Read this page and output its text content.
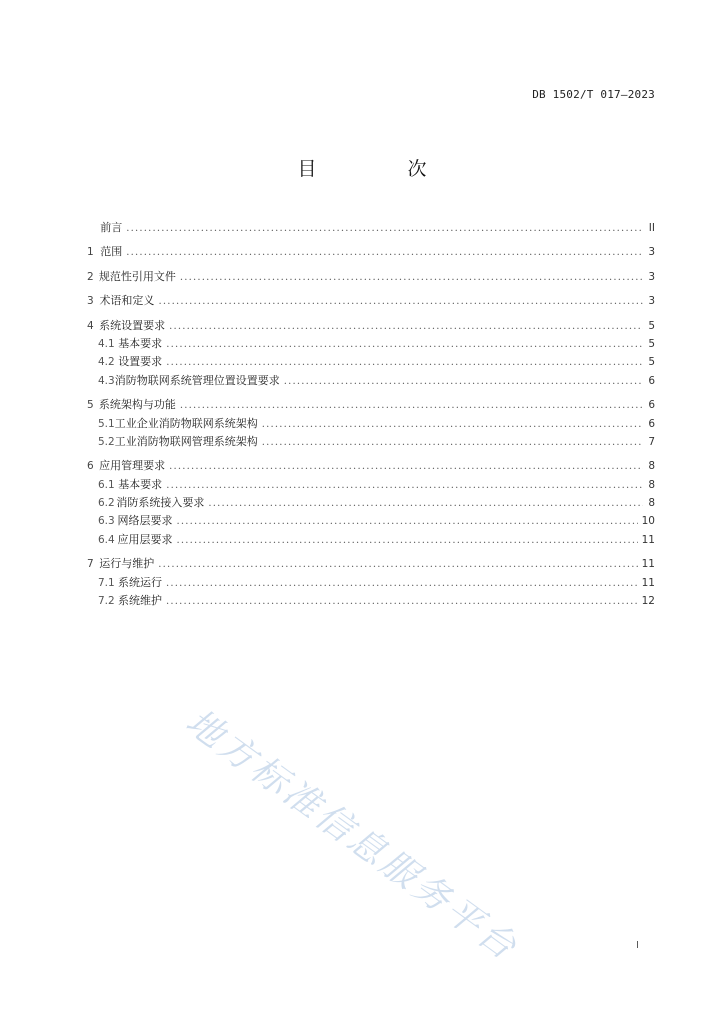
DB 1502/T 017—2023
目　次
前言 .....	II
1 范围 .....	3
2 规范性引用文件 .....	3
3 术语和定义 .....	3
4 系统设置要求 .....	5
4.1 基本要求 .....	5
4.2 设置要求 .....	5
4.3 消防物联网系统管理位置设置要求 .....	6
5 系统架构与功能 .....	6
5.1 工业企业消防物联网系统架构 .....	6
5.2 工业消防物联网管理系统架构 .....	7
6 应用管理要求 .....	8
6.1 基本要求 .....	8
6.2 消防系统接入要求 .....	8
6.3 网络层要求 .....	10
6.4 应用层要求 .....	11
7 运行与维护 .....	11
7.1 系统运行 .....	11
7.2 系统维护 .....	12
地方标准信息服务平台	I
